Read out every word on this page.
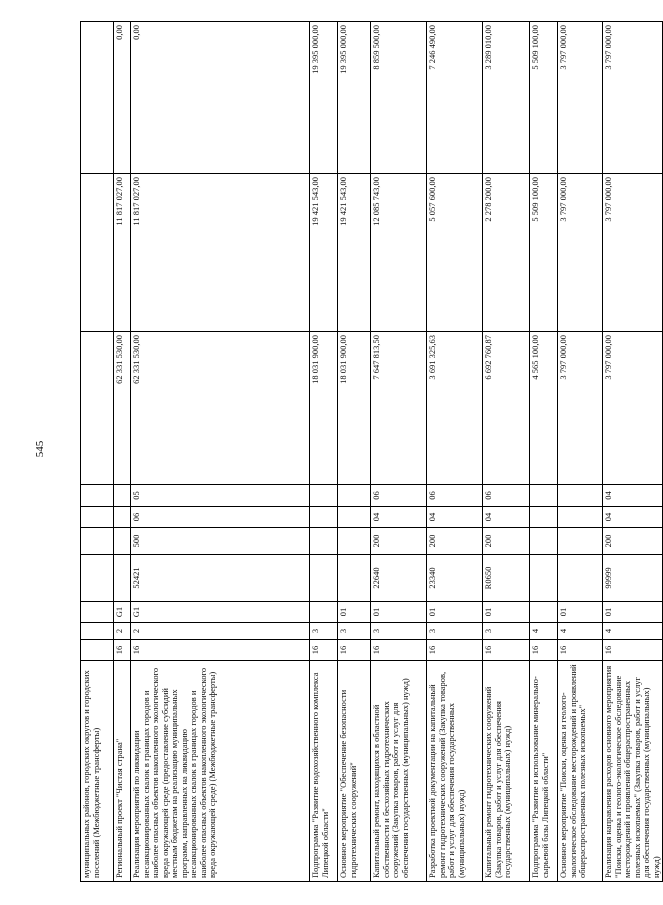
545
муниципальных районов, городских округов и городских поселений (Межбюджетные трансферты)										
Региональный проект "Чистая страна"	16	2	G1					62 331 530,00	11 817 027,00	0,00
Реализация мероприятий по ликвидации несанкционированных свалок в границах городов и наиболее опасных объектов накопленного экологического вреда окружающей среде (предоставление субсидий местным бюджетам на реализацию муниципальных программ, направленных на ликвидацию несанкционированных свалок в границах городов и наиболее опасных объектов накопленного экологического вреда окружающей среде) (Межбюджетные трансферты)	16	2	G1	52421	500	06	05	62 331 530,00	11 817 027,00	0,00
Подпрограмма "Развитие водохозяйственного комплекса Липецкой области"	16	3						18 031 900,00	19 421 543,00	19 395 000,00
Основное мероприятие "Обеспечение безопасности гидротехнических сооружений"	16	3	01					18 031 900,00	19 421 543,00	19 395 000,00
Капитальный ремонт, находящихся в областной собственности и бесхозяйных гидротехнических сооружений (Закупка товаров, работ и услуг для обеспечения государственных (муниципальных) нужд)	16	3	01	22640	200	04	06	7 647 813,50	12 085 743,00	8 859 500,00
Разработка проектной документации на капитальный ремонт гидротехнических сооружений (Закупка товаров, работ и услуг для обеспечения государственных (муниципальных) нужд)	16	3	01	23340	200	04	06	3 691 325,63	5 057 600,00	7 246 490,00
Капитальный ремонт гидротехнических сооружений (Закупка товаров, работ и услуг для обеспечения государственных (муниципальных) нужд)	16	3	01	R0650	200	04	06	6 692 760,87	2 278 200,00	3 289 010,00
Подпрограмма "Развитие и использование минерально-сырьевой базы Липецкой области"	16	4						4 565 100,00	5 509 100,00	5 509 100,00
Основное мероприятие "Поиски, оценка и геолого-экологическое обследование месторождений и проявлений общераспространенных полезных ископаемых"	16	4	01					3 797 000,00	3 797 000,00	3 797 000,00
Реализация направления расходов основного мероприятия "Поиски, оценка и геолого-экологическое обследование месторождений и проявлений общераспространенных полезных ископаемых" (Закупка товаров, работ и услуг для обеспечения государственных (муниципальных) нужд)	16	4	01	99999	200	04	04	3 797 000,00	3 797 000,00	3 797 000,00
